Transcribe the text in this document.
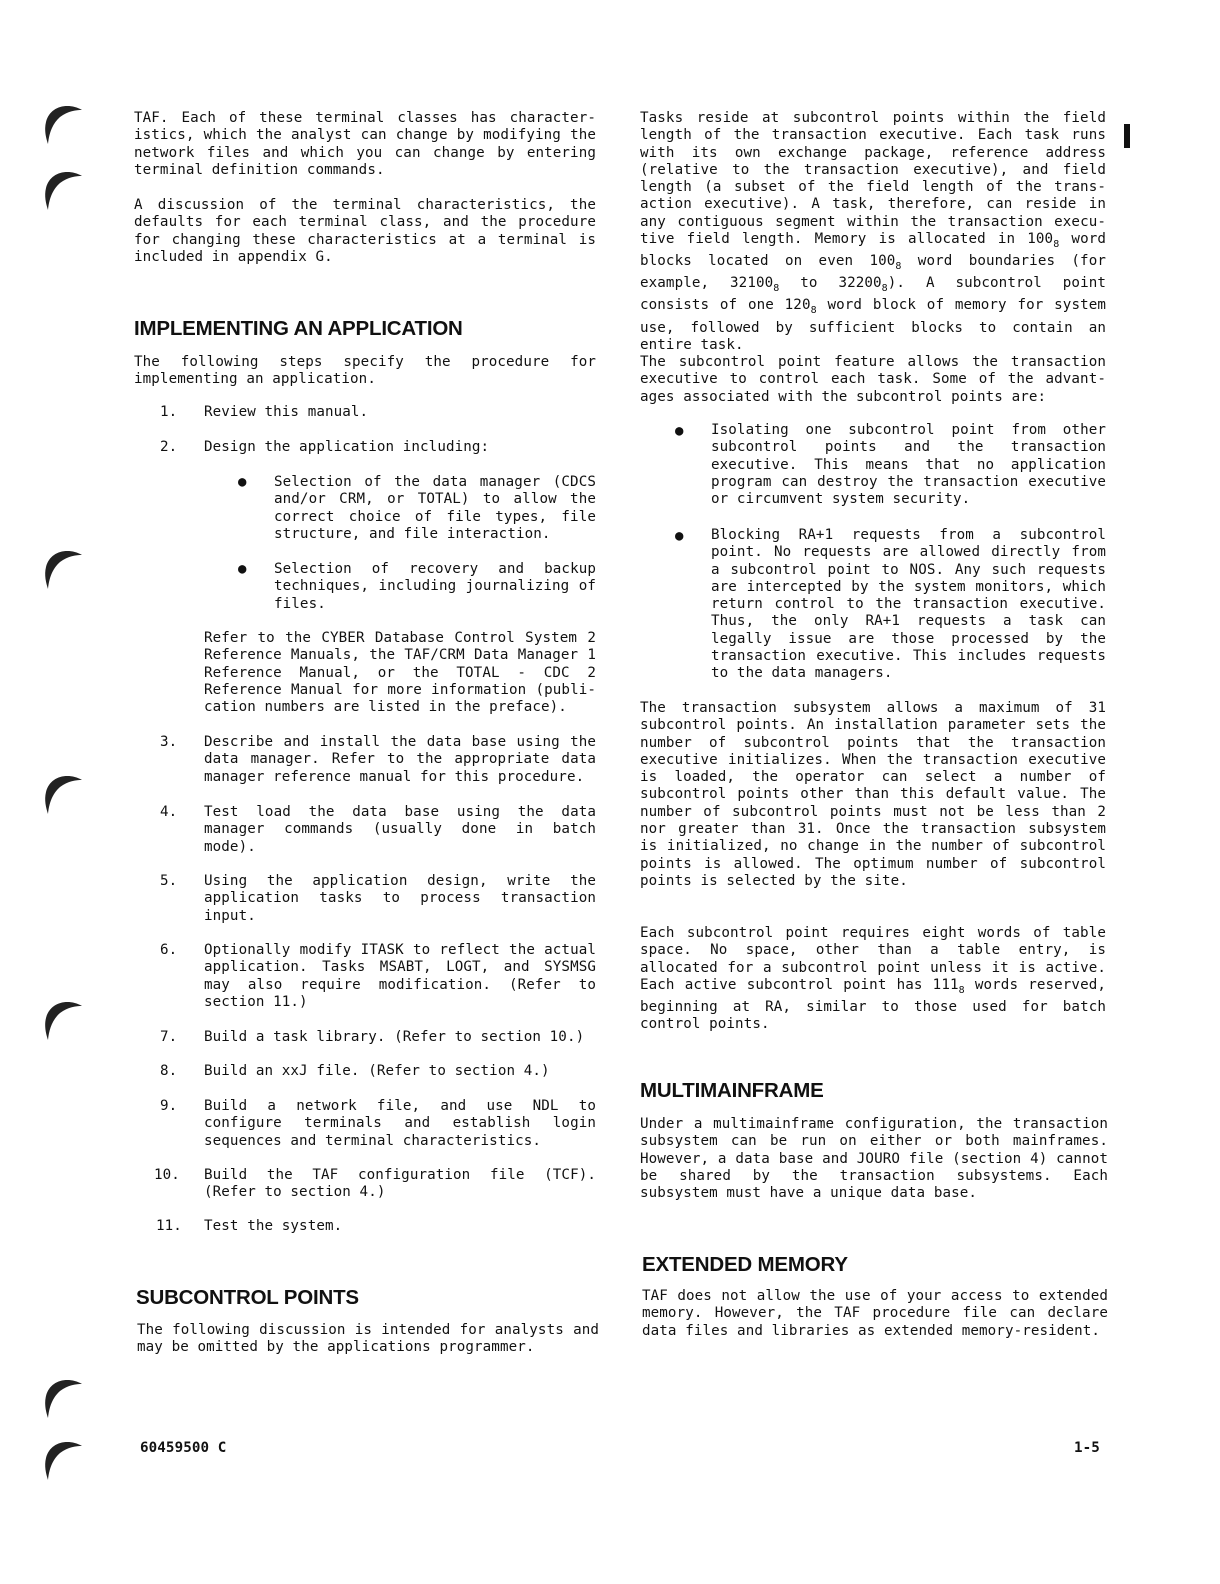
TAF. Each of these terminal classes has character-istics, which the analyst can change by modifying the network files and which you can change by entering terminal definition commands.

A discussion of the terminal characteristics, the defaults for each terminal class, and the procedure for changing these characteristics at a terminal is included in appendix G.

IMPLEMENTING AN APPLICATION

The following steps specify the procedure for implementing an application.

1.	Review this manual.

2.	Design the application including:

● Selection of the data manager (CDCS and/or CRM, or TOTAL) to allow the correct choice of file types, file structure, and file interaction.

● Selection of recovery and backup techniques, including journalizing of files.

Refer to the CYBER Database Control System 2 Reference Manuals, the TAF/CRM Data Manager 1 Reference Manual, or the TOTAL - CDC 2 Reference Manual for more information (publi-cation numbers are listed in the preface).

3.	Describe and install the data base using the data manager. Refer to the appropriate data manager reference manual for this procedure.

4.	Test load the data base using the data manager commands (usually done in batch mode).

5.	Using the application design, write the application tasks to process transaction input.

6.	Optionally modify ITASK to reflect the actual application. Tasks MSABT, LOGT, and SYSMSG may also require modification. (Refer to section 11.)

7.	Build a task library. (Refer to section 10.)

8.	Build an xxJ file. (Refer to section 4.)

9.	Build a network file, and use NDL to configure terminals and establish login sequences and terminal characteristics.

10.	Build the TAF configuration file (TCF). (Refer to section 4.)

11.	Test the system.

SUBCONTROL POINTS

The following discussion is intended for analysts and may be omitted by the applications programmer.

Tasks reside at subcontrol points within the field length of the transaction executive. Each task runs with its own exchange package, reference address (relative to the transaction executive), and field length (a subset of the field length of the trans-action executive). A task, therefore, can reside in any contiguous segment within the transaction execu-tive field length. Memory is allocated in $100_8$ word blocks located on even $100_8$ word boundaries (for example, $32100_8$ to $32200_8$). A subcontrol point consists of one $120_8$ word block of memory for system use, followed by sufficient blocks to contain an entire task.

The subcontrol point feature allows the transaction executive to control each task. Some of the advant-ages associated with the subcontrol points are:

● Isolating one subcontrol point from other subcontrol points and the transaction executive. This means that no application program can destroy the transaction executive or circumvent system security.

● Blocking RA+1 requests from a subcontrol point. No requests are allowed directly from a subcontrol point to NOS. Any such requests are intercepted by the system monitors, which return control to the transaction executive. Thus, the only RA+1 requests a task can legally issue are those processed by the transaction executive. This includes requests to the data managers.

The transaction subsystem allows a maximum of 31 subcontrol points. An installation parameter sets the number of subcontrol points that the transaction executive initializes. When the transaction executive is loaded, the operator can select a number of subcontrol points other than this default value. The number of subcontrol points must not be less than 2 nor greater than 31. Once the transaction subsystem is initialized, no change in the number of subcontrol points is allowed. The optimum number of subcontrol points is selected by the site.

Each subcontrol point requires eight words of table space. No space, other than a table entry, is allocated for a subcontrol point unless it is active. Each active subcontrol point has $111_8$ words reserved, beginning at RA, similar to those used for batch control points.

MULTIMAINFRAME

Under a multimainframe configuration, the transaction subsystem can be run on either or both mainframes. However, a data base and JOURO file (section 4) cannot be shared by the transaction subsystems. Each subsystem must have a unique data base.

EXTENDED MEMORY

TAF does not allow the use of your access to extended memory. However, the TAF procedure file can declare data files and libraries as extended memory-resident.

60459500 C	1-5
